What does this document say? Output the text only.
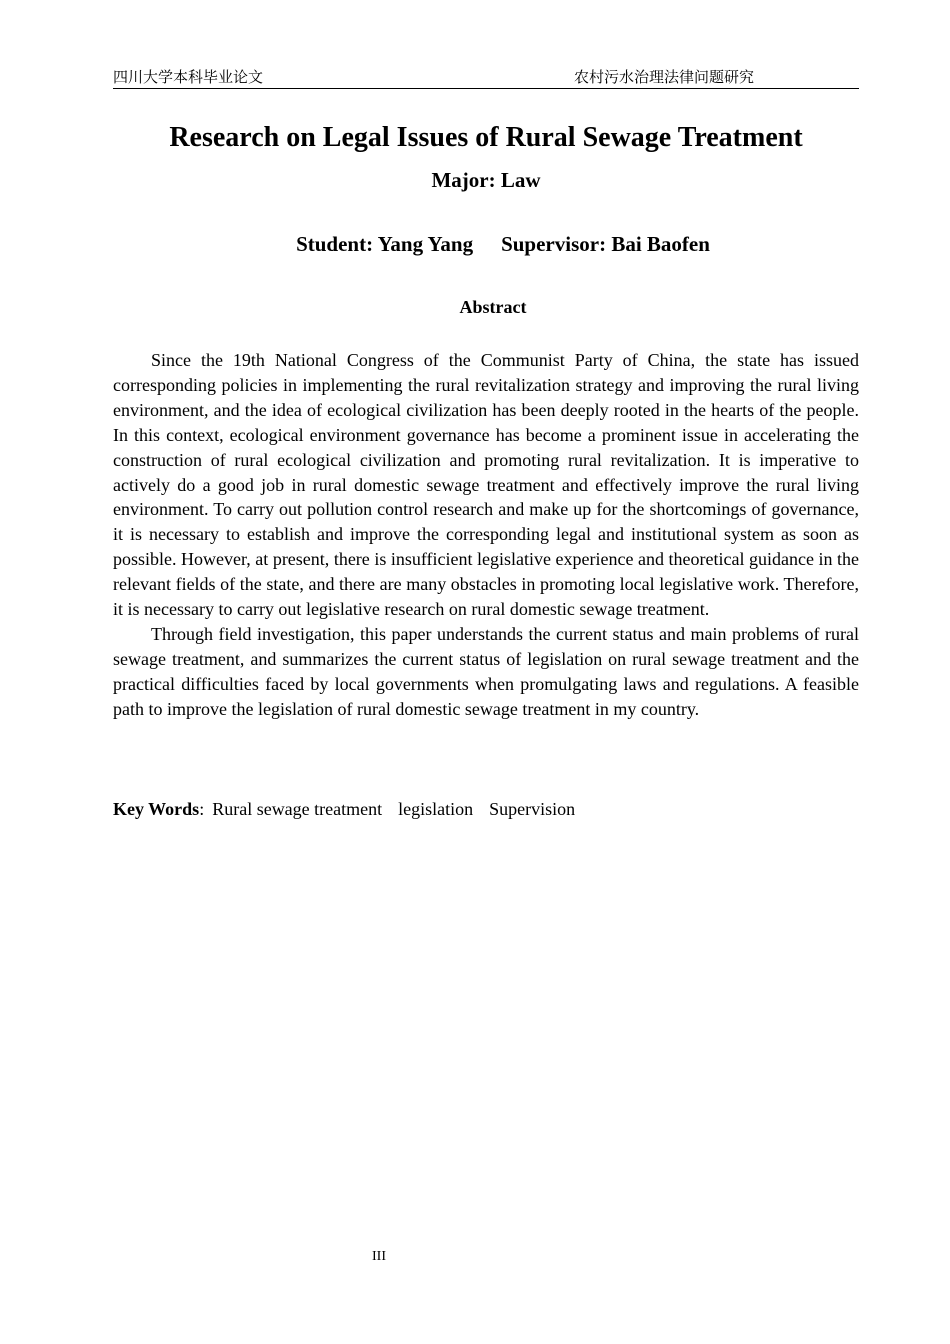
四川大学本科毕业论文	农村污水治理法律问题研究
Research on Legal Issues of Rural Sewage Treatment
Major: Law
Student: Yang Yang Supervisor: Bai Baofen
Abstract

Since the 19th National Congress of the Communist Party of China, the state has issued corresponding policies in implementing the rural revitalization strategy and improving the rural living environment, and the idea of ecological civilization has been deeply rooted in the hearts of the people. In this context, ecological environment governance has become a prominent issue in accelerating the construction of rural ecological civilization and promoting rural revitalization. It is imperative to actively do a good job in rural domestic sewage treatment and effectively improve the rural living environment. To carry out pollution control research and make up for the shortcomings of governance, it is necessary to establish and improve the corresponding legal and institutional system as soon as possible. However, at present, there is insufficient legislative experience and theoretical guidance in the relevant fields of the state, and there are many obstacles in promoting local legislative work. Therefore, it is necessary to carry out legislative research on rural domestic sewage treatment.

Through field investigation, this paper understands the current status and main problems of rural sewage treatment, and summarizes the current status of legislation on rural sewage treatment and the practical difficulties faced by local governments when promulgating laws and regulations. A feasible path to improve the legislation of rural domestic sewage treatment in my country.

Key Words: Rural sewage treatment legislation Supervision
III
